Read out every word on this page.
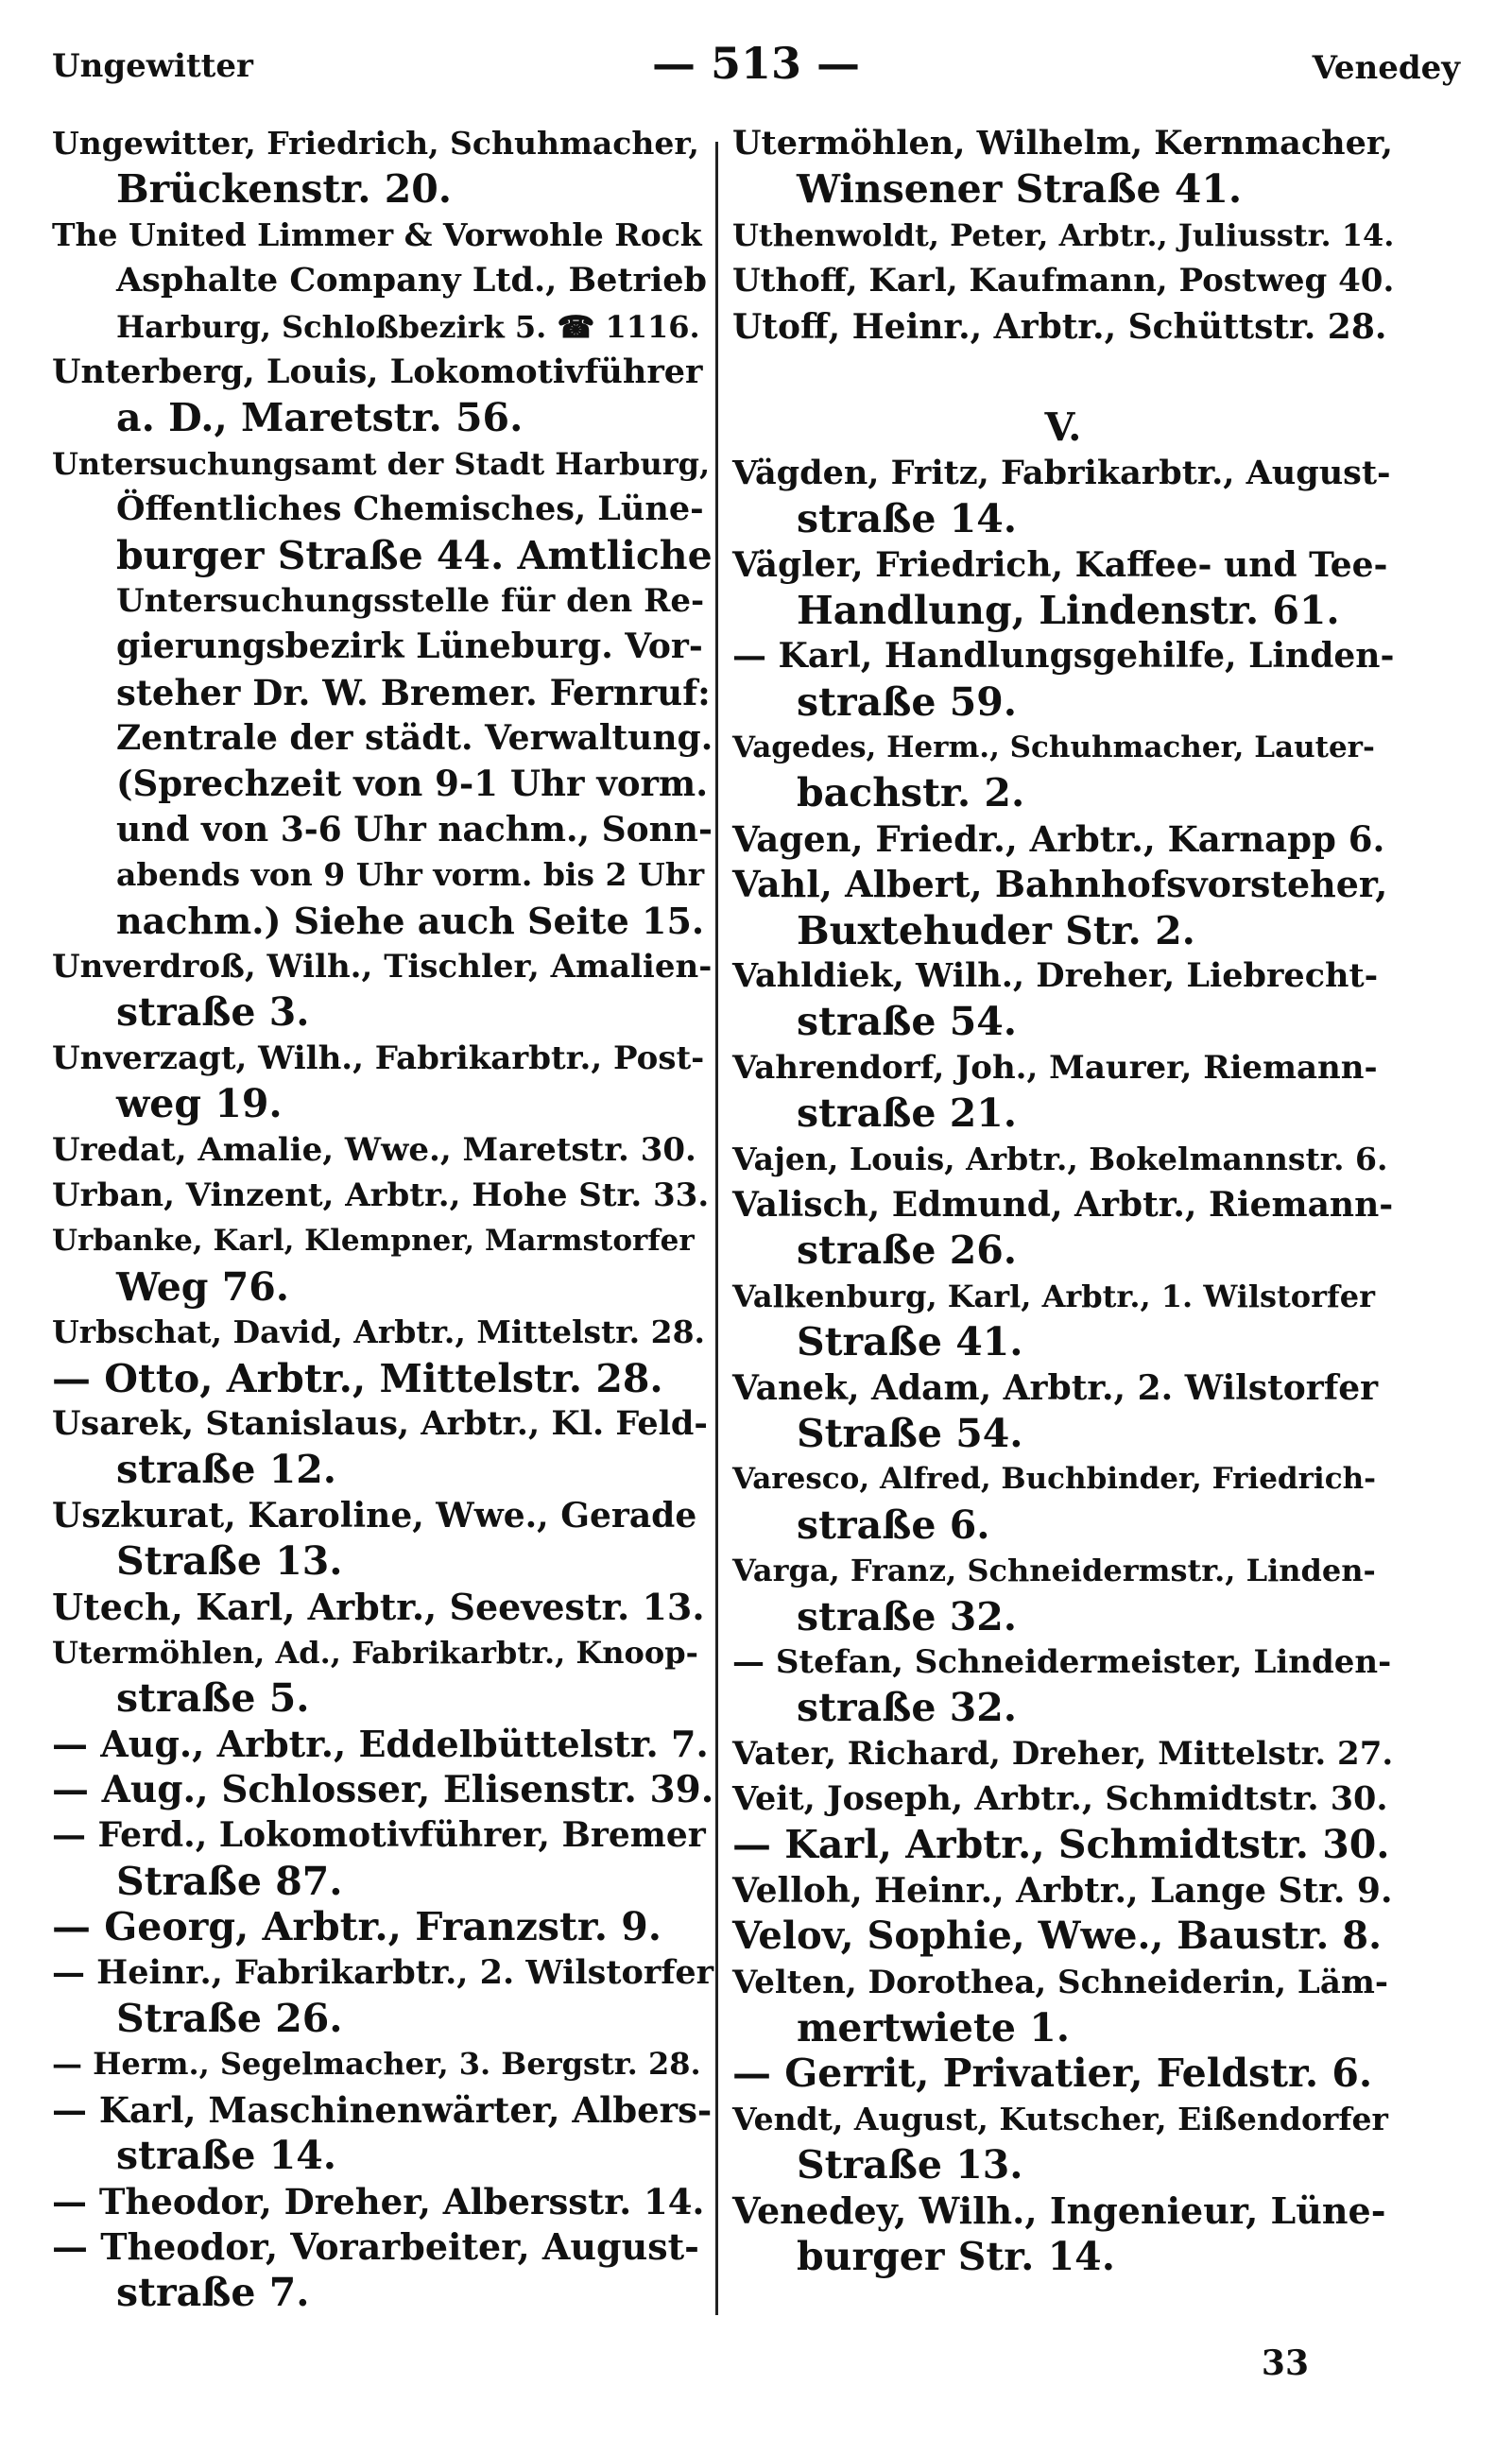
Ungewitter	— 513 —	Venedey
Ungewitter, Friedrich, Schuhmacher,
Brückenstr. 20.
The United Limmer & Vorwohle Rock
Asphalte Company Ltd., Betrieb
Harburg, Schloßbezirk 5. ☎ 1116.
Unterberg, Louis, Lokomotivführer
a. D., Maretstr. 56.
Untersuchungsamt der Stadt Harburg,
Öffentliches Chemisches, Lüne-
burger Straße 44. Amtliche
Untersuchungsstelle für den Re-
gierungsbezirk Lüneburg. Vor-
steher Dr. W. Bremer. Fernruf:
Zentrale der städt. Verwaltung.
(Sprechzeit von 9-1 Uhr vorm.
und von 3-6 Uhr nachm., Sonn-
abends von 9 Uhr vorm. bis 2 Uhr
nachm.) Siehe auch Seite 15.
Unverdroß, Wilh., Tischler, Amalien-
straße 3.
Unverzagt, Wilh., Fabrikarbtr., Post-
weg 19.
Uredat, Amalie, Wwe., Maretstr. 30.
Urban, Vinzent, Arbtr., Hohe Str. 33.
Urbanke, Karl, Klempner, Marmstorfer
Weg 76.
Urbschat, David, Arbtr., Mittelstr. 28.
— Otto, Arbtr., Mittelstr. 28.
Usarek, Stanislaus, Arbtr., Kl. Feld-
straße 12.
Uszkurat, Karoline, Wwe., Gerade
Straße 13.
Utech, Karl, Arbtr., Seevestr. 13.
Utermöhlen, Ad., Fabrikarbtr., Knoop-
straße 5.
— Aug., Arbtr., Eddelbüttelstr. 7.
— Aug., Schlosser, Elisenstr. 39.
— Ferd., Lokomotivführer, Bremer
Straße 87.
— Georg, Arbtr., Franzstr. 9.
— Heinr., Fabrikarbtr., 2. Wilstorfer
Straße 26.
— Herm., Segelmacher, 3. Bergstr. 28.
— Karl, Maschinenwärter, Albers-
straße 14.
— Theodor, Dreher, Albersstr. 14.
— Theodor, Vorarbeiter, August-
straße 7.
Utermöhlen, Wilhelm, Kernmacher,
Winsener Straße 41.
Uthenwoldt, Peter, Arbtr., Juliusstr. 14.
Uthoff, Karl, Kaufmann, Postweg 40.
Utoff, Heinr., Arbtr., Schüttstr. 28.
V.
Vägden, Fritz, Fabrikarbtr., August-
straße 14.
Vägler, Friedrich, Kaffee- und Tee-
Handlung, Lindenstr. 61.
— Karl, Handlungsgehilfe, Linden-
straße 59.
Vagedes, Herm., Schuhmacher, Lauter-
bachstr. 2.
Vagen, Friedr., Arbtr., Karnapp 6.
Vahl, Albert, Bahnhofsvorsteher,
Buxtehuder Str. 2.
Vahldiek, Wilh., Dreher, Liebrecht-
straße 54.
Vahrendorf, Joh., Maurer, Riemann-
straße 21.
Vajen, Louis, Arbtr., Bokelmannstr. 6.
Valisch, Edmund, Arbtr., Riemann-
straße 26.
Valkenburg, Karl, Arbtr., 1. Wilstorfer
Straße 41.
Vanek, Adam, Arbtr., 2. Wilstorfer
Straße 54.
Varesco, Alfred, Buchbinder, Friedrich-
straße 6.
Varga, Franz, Schneidermstr., Linden-
straße 32.
— Stefan, Schneidermeister, Linden-
straße 32.
Vater, Richard, Dreher, Mittelstr. 27.
Veit, Joseph, Arbtr., Schmidtstr. 30.
— Karl, Arbtr., Schmidtstr. 30.
Velloh, Heinr., Arbtr., Lange Str. 9.
Velov, Sophie, Wwe., Baustr. 8.
Velten, Dorothea, Schneiderin, Läm-
mertwiete 1.
— Gerrit, Privatier, Feldstr. 6.
Vendt, August, Kutscher, Eißendorfer
Straße 13.
Venedey, Wilh., Ingenieur, Lüne-
burger Str. 14.
33
